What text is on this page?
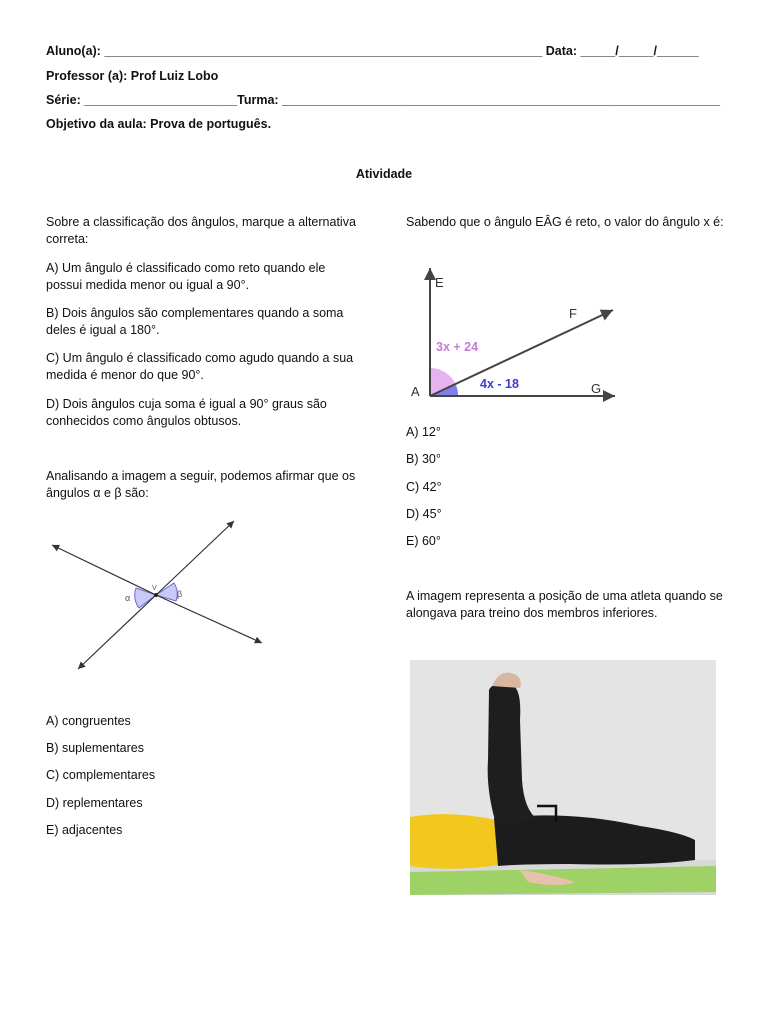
Aluno(a): _______________________________________________________________ Data: _____/_____/______
Professor (a): Prof Luiz Lobo
Série: ______________________Turma: _______________________________________________________________
Objetivo da aula: Prova de português.
Atividade
Sobre a classificação dos ângulos, marque a alternativa correta:
A) Um ângulo é classificado como reto quando ele possui medida menor ou igual a 90°.
B) Dois ângulos são complementares quando a soma deles é igual a 180°.
C) Um ângulo é classificado como agudo quando a sua medida é menor do que 90°.
D) Dois ângulos cuja soma é igual a 90° graus são conhecidos como ângulos obtusos.
Analisando a imagem a seguir, podemos afirmar que os ângulos α e β são:
α	β
V
A) congruentes
B) suplementares
C) complementares
D) replementares
E) adjacentes
Sabendo que o ângulo EÂG é reto, o valor do ângulo x é:
E
F
A	G
3x + 24
4x - 18
A) 12°
B) 30°
C) 42°
D) 45°
E) 60°
A imagem representa a posição de uma atleta quando se alongava para treino dos membros inferiores.
